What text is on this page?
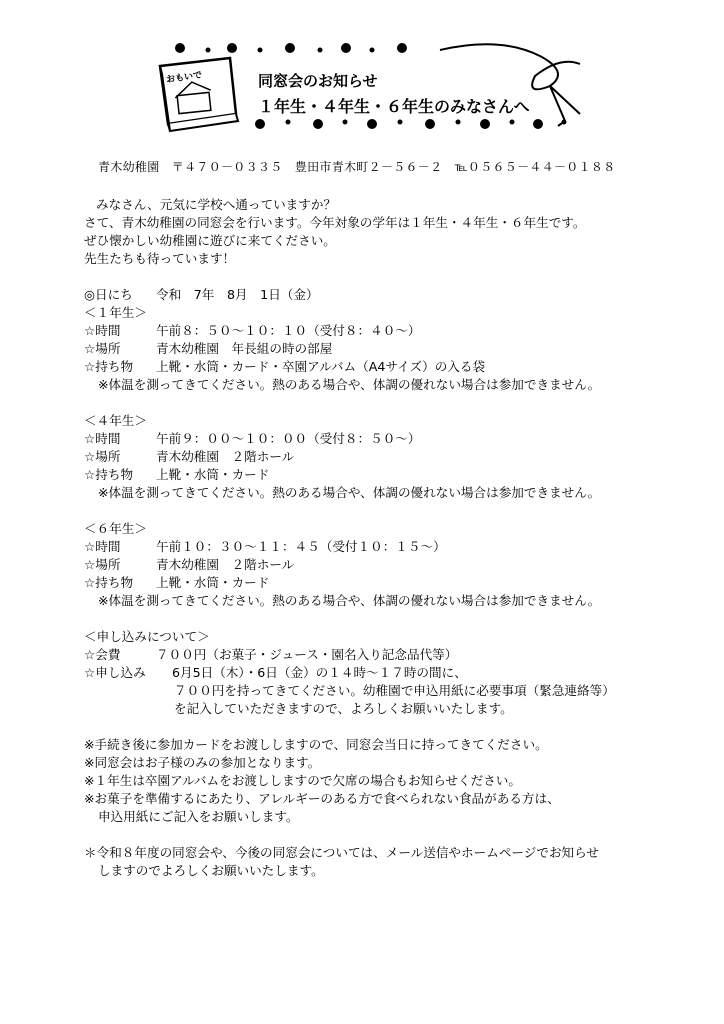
同窓会のお知らせ
１年生・４年生・６年生のみなさんへ
おもいで
青木幼稚園　〒４７０－０３３５　豊田市青木町２－５６－２　℡０５６５－４４－０１８８
みなさん、元気に学校へ通っていますか？
さて、青木幼稚園の同窓会を行います。今年対象の学年は１年生・４年生・６年生です。
ぜひ懐かしい幼稚園に遊びに来てください。
先生たちも待っています！
◎日にち 令和　7年　8月　1日（金）
＜１年生＞
☆時間	午前８：５０～１０：１０（受付８：４０～）
☆場所	青木幼稚園　年長組の時の部屋
☆持ち物 上靴・水筒・カード・卒園アルバム（A4サイズ）の入る袋
※体温を測ってきてください。熱のある場合や、体調の優れない場合は参加できません。
＜４年生＞
☆時間	午前９：００～１０：００（受付８：５０～）
☆場所	青木幼稚園　２階ホール
☆持ち物 上靴・水筒・カード
※体温を測ってきてください。熱のある場合や、体調の優れない場合は参加できません。
＜６年生＞
☆時間	午前１０：３０～１１：４５（受付１０：１５～）
☆場所	青木幼稚園　２階ホール
☆持ち物 上靴・水筒・カード
※体温を測ってきてください。熱のある場合や、体調の優れない場合は参加できません。
＜申し込みについて＞
☆会費	７００円（お菓子・ジュース・園名入り記念品代等）
☆申し込み 6月5日（木）・6日（金）の１４時～１７時の間に、
７００円を持ってきてください。幼稚園で申込用紙に必要事項（緊急連絡等）
を記入していただきますので、よろしくお願いいたします。
※手続き後に参加カードをお渡ししますので、同窓会当日に持ってきてください。
※同窓会はお子様のみの参加となります。
※１年生は卒園アルバムをお渡ししますので欠席の場合もお知らせください。
※お菓子を準備するにあたり、アレルギーのある方で食べられない食品がある方は、
申込用紙にご記入をお願いします。
＊令和８年度の同窓会や、今後の同窓会については、メール送信やホームページでお知らせ
しますのでよろしくお願いいたします。
